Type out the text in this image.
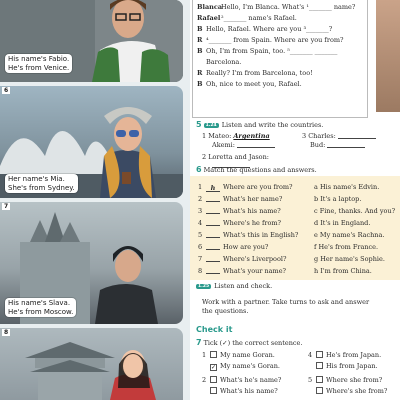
His name's Fabio.
He's from Venice.
6
Her name's Mia.
She's from Sydney.
7
His name's Slava.
He's from Moscow.
8
Blanca
Hello, I'm Blanca. What's ¹_______ name?
Rafael ²_______ name's Rafael.
B Hello, Rafael. Where are you ³_______?
R ⁴_______ from Spain. Where are you from?
B Oh, I'm from Spain, too. ⁵_______ _______
Barcelona.
R Really? I'm from Barcelona, too!
B Oh, nice to meet you, Rafael.
5 1.24 Listen and write the countries.
1 Mateo: Argentina	3 Charles:
Akemi:	Bud:
2 Loretta and Jason:
6 Match the questions and answers.
1 h Where are you from?
2	What's her name?
3	What's his name?
4	Where's he from?
5	What's this in English?
6	How are you?
7	Where's Liverpool?
8	What's your name?
a His name's Edvin.
b It's a laptop.
c Fine, thanks. And you?
d It's in England.
e My name's Rachna.
f He's from France.
g Her name's Sophie.
h I'm from China.
1.25 Listen and check.
Work with a partner. Take turns to ask and answer
the questions.
Check it
7 Tick (✓) the correct sentence.
1 My name Goran.
✓ My name's Goran.
2 What's he's name?
What's his name?
4 He's from Japan.
His from Japan.
5 Where she from?
Where's she from?
